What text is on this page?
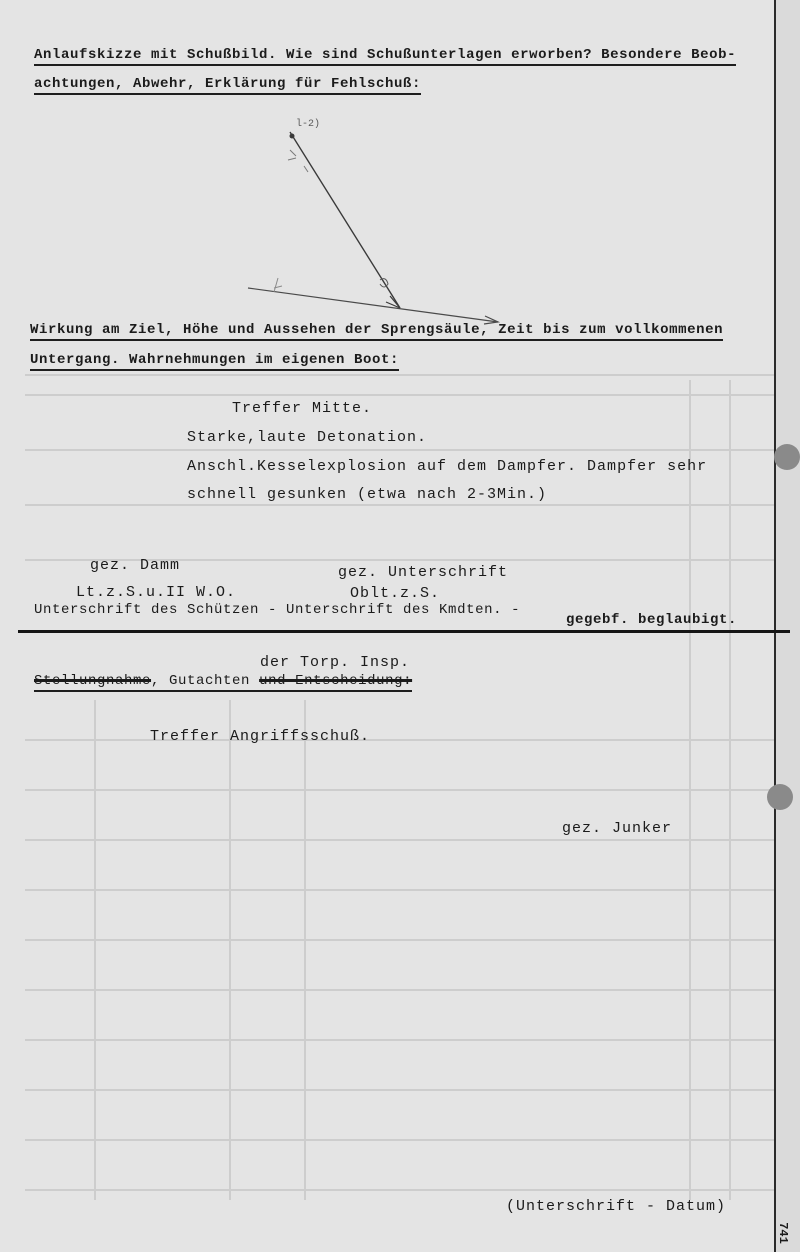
Anlaufskizze mit Schußbild. Wie sind Schußunterlagen erworben? Besondere Beob-
achtungen, Abwehr, Erklärung für Fehlschuß:
l-2)
Wirkung am Ziel, Höhe und Aussehen der Sprengsäule, Zeit bis zum vollkommenen
Untergang. Wahrnehmungen im eigenen Boot:
Treffer Mitte.
Starke,laute Detonation.
Anschl.Kesselexplosion auf dem Dampfer. Dampfer sehr
schnell gesunken (etwa nach 2-3Min.)
gez. Damm
Lt.z.S.u.II W.O.
gez. Unterschrift
Oblt.z.S.
Unterschrift des Schützen - Unterschrift des Kmdten. -
gegebf. beglaubigt.
der Torp. Insp.
Stellungnahme, Gutachten und Entscheidung:
Treffer Angriffsschuß.
gez. Junker
(Unterschrift - Datum)
741
